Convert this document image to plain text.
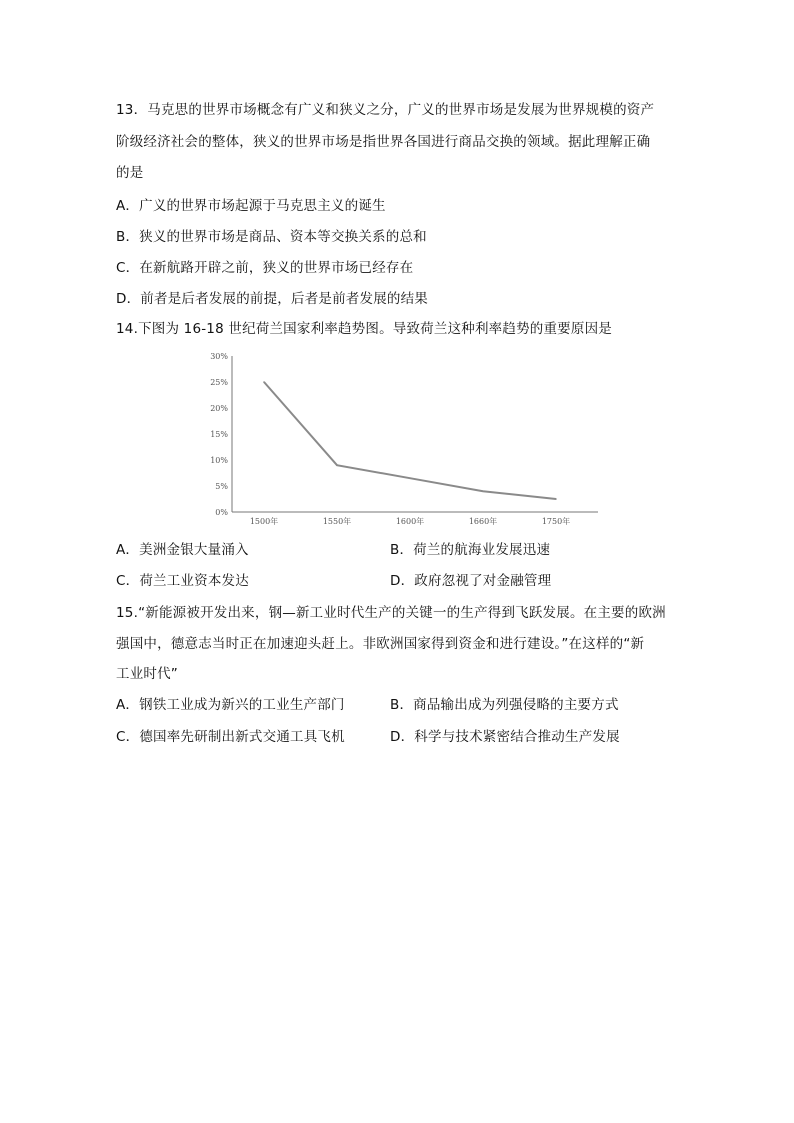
13．马克思的世界市场概念有广义和狭义之分，广义的世界市场是发展为世界规模的资产
阶级经济社会的整体，狭义的世界市场是指世界各国进行商品交换的领域。据此理解正确
的是
A．广义的世界市场起源于马克思主义的诞生
B．狭义的世界市场是商品、资本等交换关系的总和
C．在新航路开辟之前，狭义的世界市场已经存在
D．前者是后者发展的前提，后者是前者发展的结果
14.下图为 16-18 世纪荷兰国家利率趋势图。导致荷兰这种利率趋势的重要原因是
30%
25%
20%
15%
10%
5%
0%
1500年	1550年	1600年	1660年	1750年
A．美洲金银大量涌入	B．荷兰的航海业发展迅速
C．荷兰工业资本发达	D．政府忽视了对金融管理
15.“新能源被开发出来，钢—新工业时代生产的关键一的生产得到飞跃发展。在主要的欧洲
强国中，德意志当时正在加速迎头赶上。非欧洲国家得到资金和进行建设。”在这样的“新
工业时代”
A．钢铁工业成为新兴的工业生产部门	B．商品输出成为列强侵略的主要方式
C．德国率先研制出新式交通工具飞机	D．科学与技术紧密结合推动生产发展
